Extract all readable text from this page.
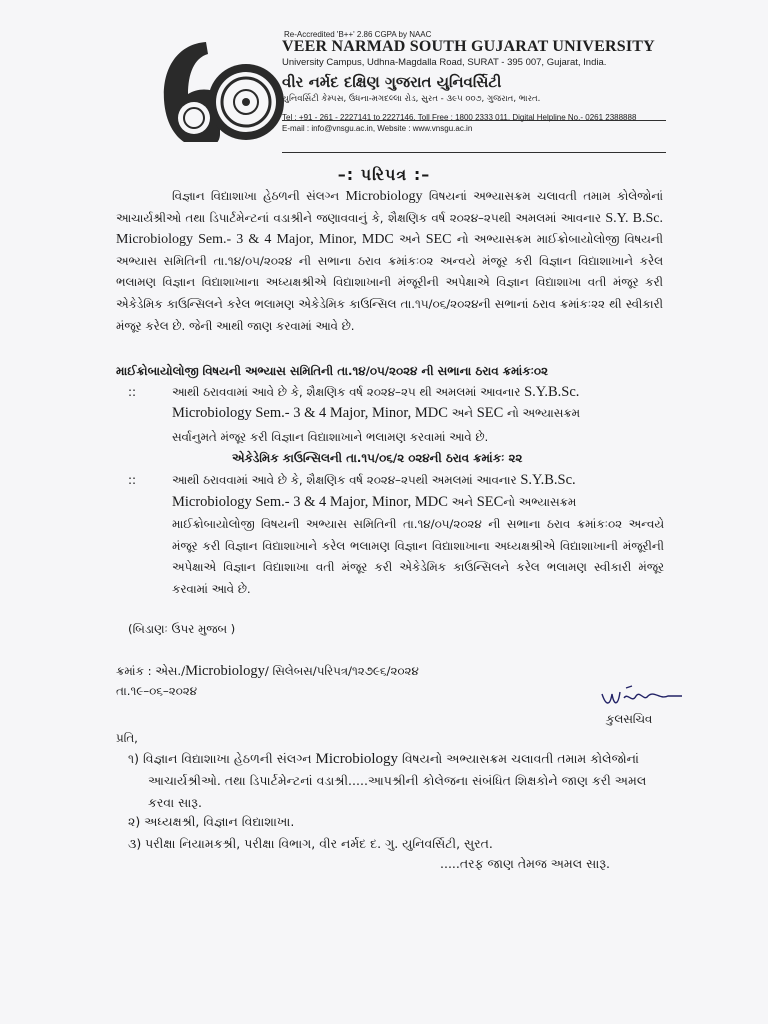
Re-Accredited 'B++' 2.86 CGPA by NAAC
VEER NARMAD SOUTH GUJARAT UNIVERSITY
University Campus, Udhna-Magdalla Road, SURAT - 395 007, Gujarat, India.
વીર નર્મદ દક્ષિણ ગુજરાત યુનિવર્સિટી
યુનિવર્સિટી કેમ્પસ, ઉધના-મગદલ્લા રોડ, સુરત - ૩૯૫ ૦૦૭, ગુજરાત, ભારત.
Tel : +91 - 261 - 2227141 to 2227146, Toll Free : 1800 2333 011, Digital Helpline No.- 0261 2388888
E-mail : info@vnsgu.ac.in, Website : www.vnsgu.ac.in
–: પરિપત્ર :–
વિજ્ઞાન વિદ્યાશાખા હેઠળની સંલગ્ન Microbiology વિષયનાં અભ્યાસક્રમ ચલાવતી તમામ કોલેજોનાં આચાર્યશ્રીઓ તથા ડિપાર્ટમેન્ટનાં વડાશ્રીને જણાવવાનું કે, શૈક્ષણિક વર્ષ ૨૦૨૪–૨૫થી અમલમાં આવનાર S.Y. B.Sc. Microbiology Sem.- 3 & 4 Major, Minor, MDC અને SEC નો અભ્યાસક્રમ માઈક્રોબાયોલોજી વિષયની અભ્યાસ સમિતિની તા.૧૪/૦૫/૨૦૨૪ ની સભાના ઠરાવ ક્રમાંકઃ૦૨ અન્વયે મંજૂર કરી વિજ્ઞાન વિદ્યાશાખાને કરેલ ભલામણ વિજ્ઞાન વિદ્યાશાખાના અધ્યક્ષશ્રીએ વિદ્યાશાખાની મંજૂરીની અપેક્ષાએ વિજ્ઞાન વિદ્યાશાખા વતી મંજૂર કરી એકેડેમિક કાઉન્સિલને કરેલ ભલામણ એકેડેમિક કાઉન્સિલ તા.૧૫/૦૬/૨૦૨૪ની સભાનાં ઠરાવ ક્રમાંકઃ૨૨ થી સ્વીકારી મંજૂર કરેલ છે. જેની આથી જાણ કરવામાં આવે છે.
માઈક્રોબાયોલોજી વિષયની અભ્યાસ સમિતિની તા.૧૪/૦૫/૨૦૨૪ ની સભાના ઠરાવ ક્રમાંકઃ૦૨
::	આથી ઠરાવવામાં આવે છે કે, શૈક્ષણિક વર્ષ ૨૦૨૪–૨૫ થી અમલમાં આવનાર S.Y.B.Sc.
Microbiology Sem.- 3 & 4 Major, Minor, MDC અને SEC નો અભ્યાસક્રમ
સર્વાનુમતે મંજૂર કરી વિજ્ઞાન વિદ્યાશાખાને ભલામણ કરવામાં આવે છે.
એકેડેમિક કાઉન્સિલની તા.૧૫/૦૬/૨ ૦૨૪ની ઠરાવ ક્રમાંકઃ ૨૨
::	આથી ઠરાવવામાં આવે છે કે, શૈક્ષણિક વર્ષ ૨૦૨૪–૨૫થી અમલમાં આવનાર S.Y.B.Sc.
Microbiology Sem.- 3 & 4 Major, Minor, MDC અને SECનો અભ્યાસક્રમ
માઈક્રોબાયોલોજી વિષયની અભ્યાસ સમિતિની તા.૧૪/૦૫/૨૦૨૪ ની સભાના ઠરાવ ક્રમાંકઃ૦૨ અન્વયે મંજૂર કરી વિજ્ઞાન વિદ્યાશાખાને કરેલ ભલામણ વિજ્ઞાન વિદ્યાશાખાના અધ્યક્ષશ્રીએ વિદ્યાશાખાની મંજૂરીની અપેક્ષાએ વિજ્ઞાન વિદ્યાશાખા વતી મંજૂર કરી એકેડેમિક કાઉન્સિલને કરેલ ભલામણ સ્વીકારી મંજૂર કરવામાં આવે છે.
(બિડાણઃ ઉપર મુજબ )
ક્રમાંક : એસ./Microbiology/ સિલેબસ/પરિપત્ર/૧૨૭૯૬/૨૦૨૪
તા.૧૯–૦૬–૨૦૨૪
કુલસચિવ
પ્રતિ,
૧) વિજ્ઞાન વિદ્યાશાખા હેઠળની સંલગ્ન Microbiology વિષયનો અભ્યાસક્રમ ચલાવતી તમામ કોલેજોનાં
આચાર્યશ્રીઓ. તથા ડિપાર્ટમેન્ટનાં વડાશ્રી.....આપશ્રીની કોલેજના સંબંધિત શિક્ષકોને જાણ કરી અમલ
કરવા સારૂ.
૨) અધ્યક્ષશ્રી, વિજ્ઞાન વિદ્યાશાખા.
૩) પરીક્ષા નિયામકશ્રી, પરીક્ષા વિભાગ, વીર નર્મદ દ. ગુ. યુનિવર્સિટી, સુરત.
.....તરફ જાણ તેમજ અમલ સારૂ.
